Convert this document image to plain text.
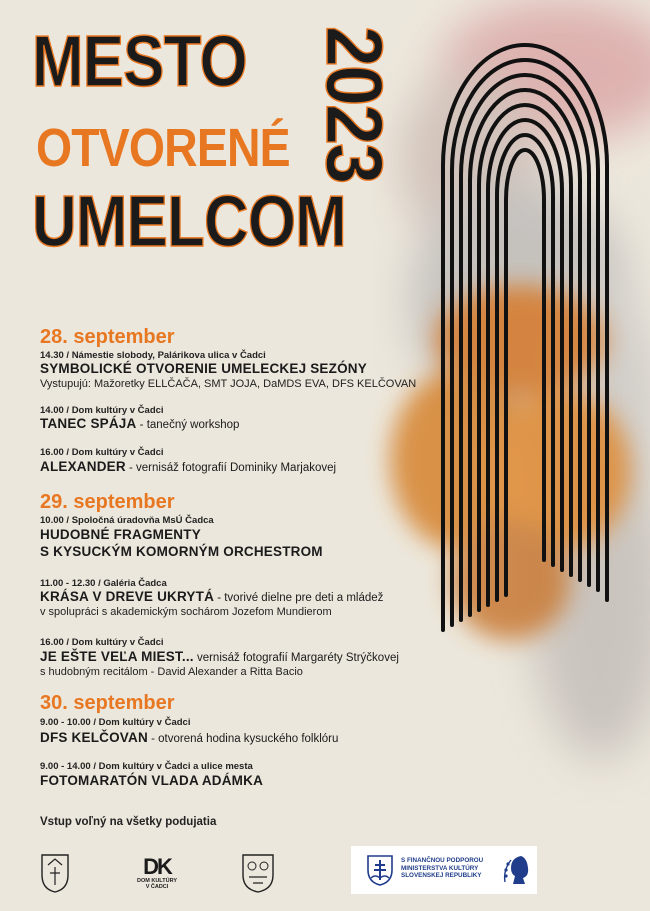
MESTO
OTVORENÉ
UMELCOM
2023
28. september
14.30 / Námestie slobody, Palárikova ulica v Čadci
SYMBOLICKÉ OTVORENIE UMELECKEJ SEZÓNY
Vystupujú: Mažoretky ELLČAČA, SMT JOJA, DaMDS EVA, DFS KELČOVAN
14.00 / Dom kultúry v Čadci
TANEC SPÁJA - tanečný workshop
16.00 / Dom kultúry v Čadci
ALEXANDER - vernisáž fotografií Dominiky Marjakovej
29. september
10.00 / Spoločná úradovňa MsÚ Čadca
HUDOBNÉ FRAGMENTY
S KYSUCKÝM KOMORNÝM ORCHESTROM
11.00 - 12.30 / Galéria Čadca
KRÁSA V DREVE UKRYTÁ - tvorivé dielne pre deti a mládež
v spolupráci s akademickým sochárom Jozefom Mundierom
16.00 / Dom kultúry v Čadci
JE EŠTE VEĽA MIEST... vernisáž fotografií Margaréty Strýčkovej
s hudobným recitálom - David Alexander a Ritta Bacio
30. september
9.00 - 10.00 / Dom kultúry v Čadci
DFS KELČOVAN - otvorená hodina kysuckého folklóru
9.00 - 14.00 / Dom kultúry v Čadci a ulice mesta
FOTOMARATÓN VLADA ADÁMKA
Vstup voľný na všetky podujatia
DK
DOM KULTÚRY
V ČADCI
S FINANČNOU PODPOROU
MINISTERSTVA KULTÚRY
SLOVENSKEJ REPUBLIKY
